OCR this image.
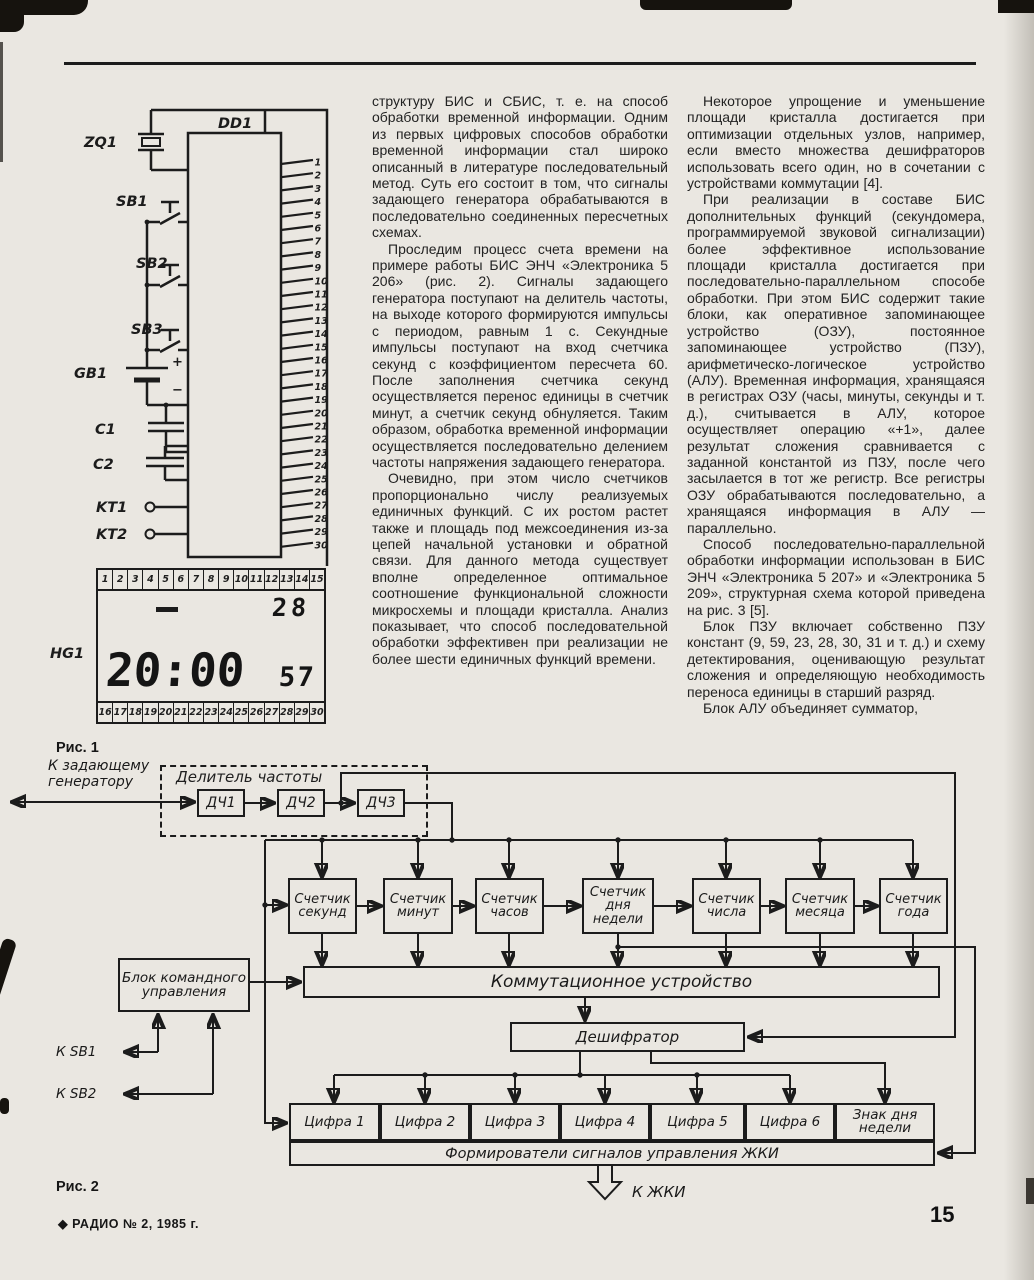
1
2
3
4
5
6
7
8
9
10
11
12
13
14
15
16
17
18
19
20
21
22
23
24
25
26
27
28
29
30
ZQ1
SB1
SB2
SB3
GB1
+
−
C1
C2
KT1
KT2
DD1
HG1
1 2 3 4 5 6 7 8 9 10 11 12 13 14 15
28
20:00 57
16 17 18 19 20 21 22 23 24 25 26 27 28 29 30
Рис. 1

структуру БИС и СБИС, т. е. на способ обработки временной информации. Одним из первых цифровых способов обработки временной информации стал широко описанный в литературе последовательный метод. Суть его состоит в том, что сигналы задающего генератора обрабатываются в последовательно соединенных пересчетных схемах.

Проследим процесс счета времени на примере работы БИС ЭНЧ «Электроника 5 206» (рис. 2). Сигналы задающего генератора поступают на делитель частоты, на выходе которого формируются импульсы с периодом, равным 1 с. Секундные импульсы поступают на вход счетчика секунд с коэффициентом пересчета 60. После заполнения счетчика секунд осуществляется перенос единицы в счетчик минут, а счетчик секунд обнуляется. Таким образом, обработка временной информации осуществляется последовательно делением частоты напряжения задающего генератора.

Очевидно, при этом число счетчиков пропорционально числу реализуемых единичных функций. С их ростом растет также и площадь под межсоединения из-за цепей начальной установки и обратной связи. Для данного метода существует вполне определенное оптимальное соотношение функциональной сложности микросхемы и площади кристалла. Анализ показывает, что способ последовательной обработки эффективен при реализации не более шести единичных функций времени.

Некоторое упрощение и уменьшение площади кристалла достигается при оптимизации отдельных узлов, например, если вместо множества дешифраторов использовать всего один, но в сочетании с устройствами коммутации [4].

При реализации в составе БИС дополнительных функций (секундомера, программируемой звуковой сигнализации) более эффективное использование площади кристалла достигается при последовательно-параллельном способе обработки. При этом БИС содержит такие блоки, как оперативное запоминающее устройство (ОЗУ), постоянное запоминающее устройство (ПЗУ), арифметическо-логическое устройство (АЛУ). Временная информация, хранящаяся в регистрах ОЗУ (часы, минуты, секунды и т. д.), считывается в АЛУ, которое осуществляет операцию «+1», далее результат сложения сравнивается с заданной константой из ПЗУ, после чего засылается в тот же регистр. Все регистры ОЗУ обрабатываются последовательно, а хранящаяся информация в АЛУ — параллельно.

Способ последовательно-параллельной обработки информации использован в БИС ЭНЧ «Электроника 5 207» и «Электроника 5 209», структурная схема которой приведена на рис. 3 [5].

Блок ПЗУ включает собственно ПЗУ констант (9, 59, 23, 28, 30, 31 и т. д.) и схему детектирования, оценивающую результат сложения и определяющую необходимость переноса единицы в старший разряд.

Блок АЛУ объединяет сумматор,

Делитель частоты
К задающему генератору
ДЧ1	ДЧ2	ДЧ3
Блок командного управления	Коммутационное устройство
Дешифратор
Формирователи сигналов управления ЖКИ
К SB1
К SB2
К ЖКИ
Рис. 2
Счетчик секунд
Счетчик минут
Счетчик часов
Счетчик дня недели
Счетчик числа
Счетчик месяца
Счетчик года
Цифра 1	Цифра 2	Цифра 3	Цифра 4	Цифра 5	Цифра 6	Знак дня недели
◆ РАДИО № 2, 1985 г.	15
